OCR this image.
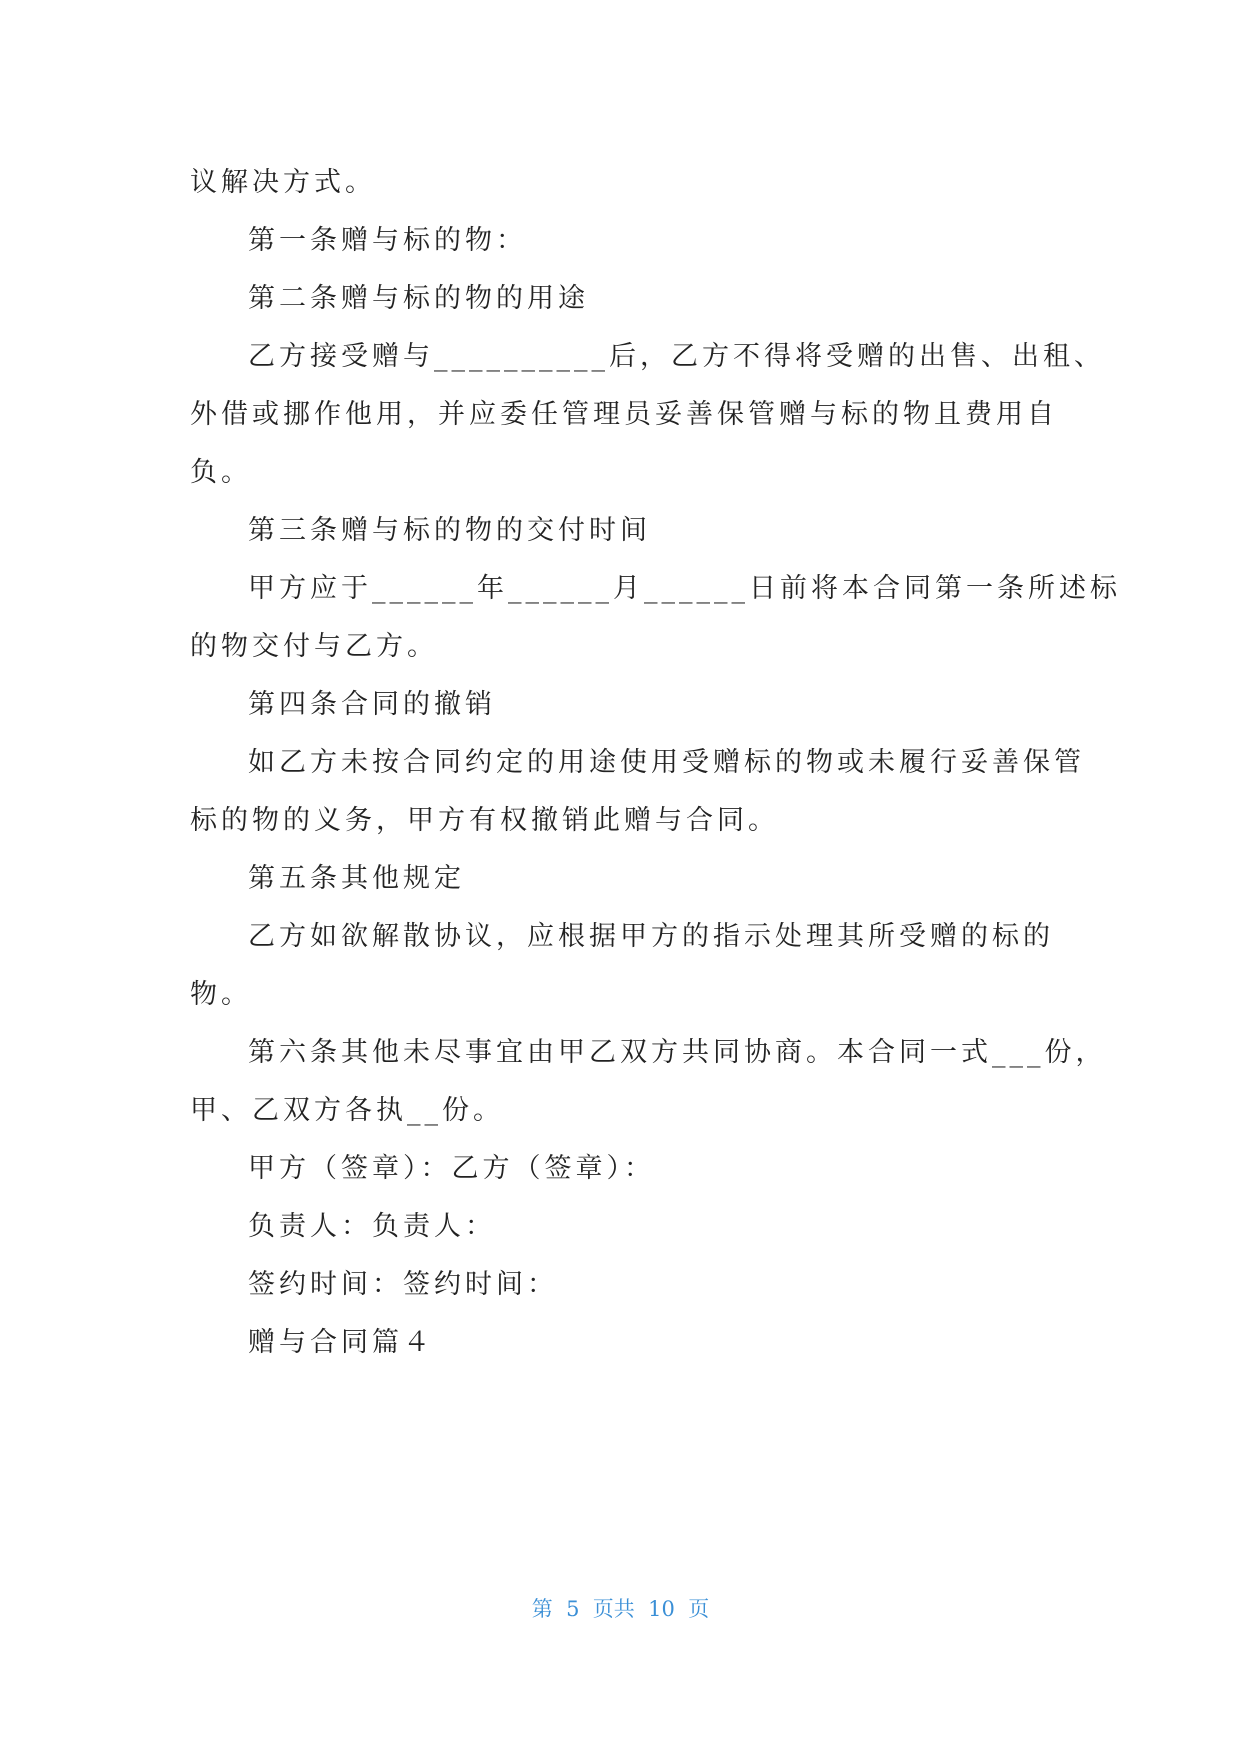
议解决方式。
第一条赠与标的物：
第二条赠与标的物的用途
乙方接受赠与__________后，乙方不得将受赠的出售、出租、
外借或挪作他用，并应委任管理员妥善保管赠与标的物且费用自
负。
第三条赠与标的物的交付时间
甲方应于______年______月______日前将本合同第一条所述标
的物交付与乙方。
第四条合同的撤销
如乙方未按合同约定的用途使用受赠标的物或未履行妥善保管
标的物的义务，甲方有权撤销此赠与合同。
第五条其他规定
乙方如欲解散协议，应根据甲方的指示处理其所受赠的标的
物。
第六条其他未尽事宜由甲乙双方共同协商。本合同一式___份，
甲、乙双方各执__份。
甲方（签章）：乙方（签章）：
负责人：负责人：
签约时间：签约时间：
赠与合同篇４
第  5  页共  10  页
